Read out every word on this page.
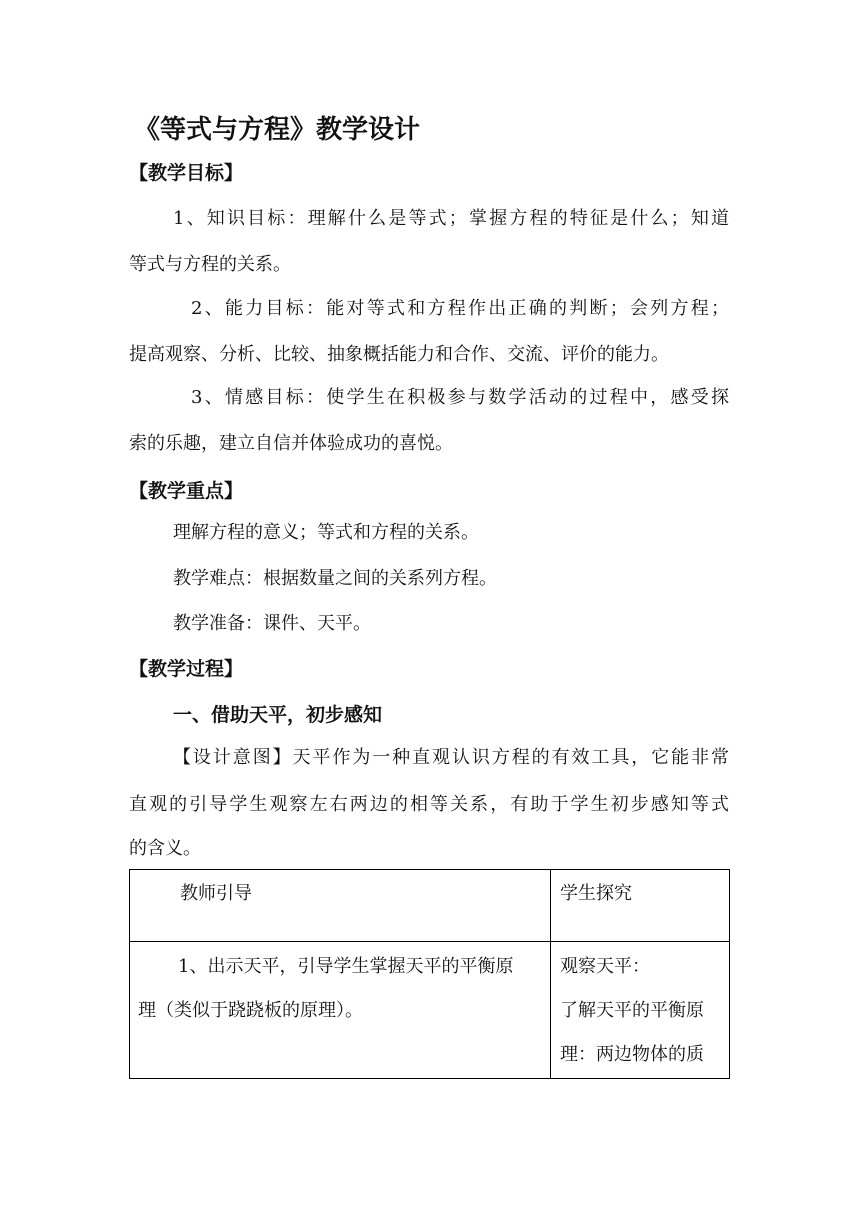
《等式与方程》教学设计
【教学目标】
1、知识目标：理解什么是等式；掌握方程的特征是什么；知道
等式与方程的关系。
2、能力目标：能对等式和方程作出正确的判断；会列方程；
提高观察、分析、比较、抽象概括能力和合作、交流、评价的能力。
3、情感目标：使学生在积极参与数学活动的过程中，感受探
索的乐趣，建立自信并体验成功的喜悦。
【教学重点】
理解方程的意义；等式和方程的关系。
教学难点：根据数量之间的关系列方程。
教学准备：课件、天平。
【教学过程】
一、借助天平，初步感知
【设计意图】天平作为一种直观认识方程的有效工具，它能非常
直观的引导学生观察左右两边的相等关系，有助于学生初步感知等式
的含义。
教师引导	学生探究

1、出示天平，引导学生掌握天平的平衡原
理（类似于跷跷板的原理）。	观察天平：
了解天平的平衡原
理：两边物体的质
